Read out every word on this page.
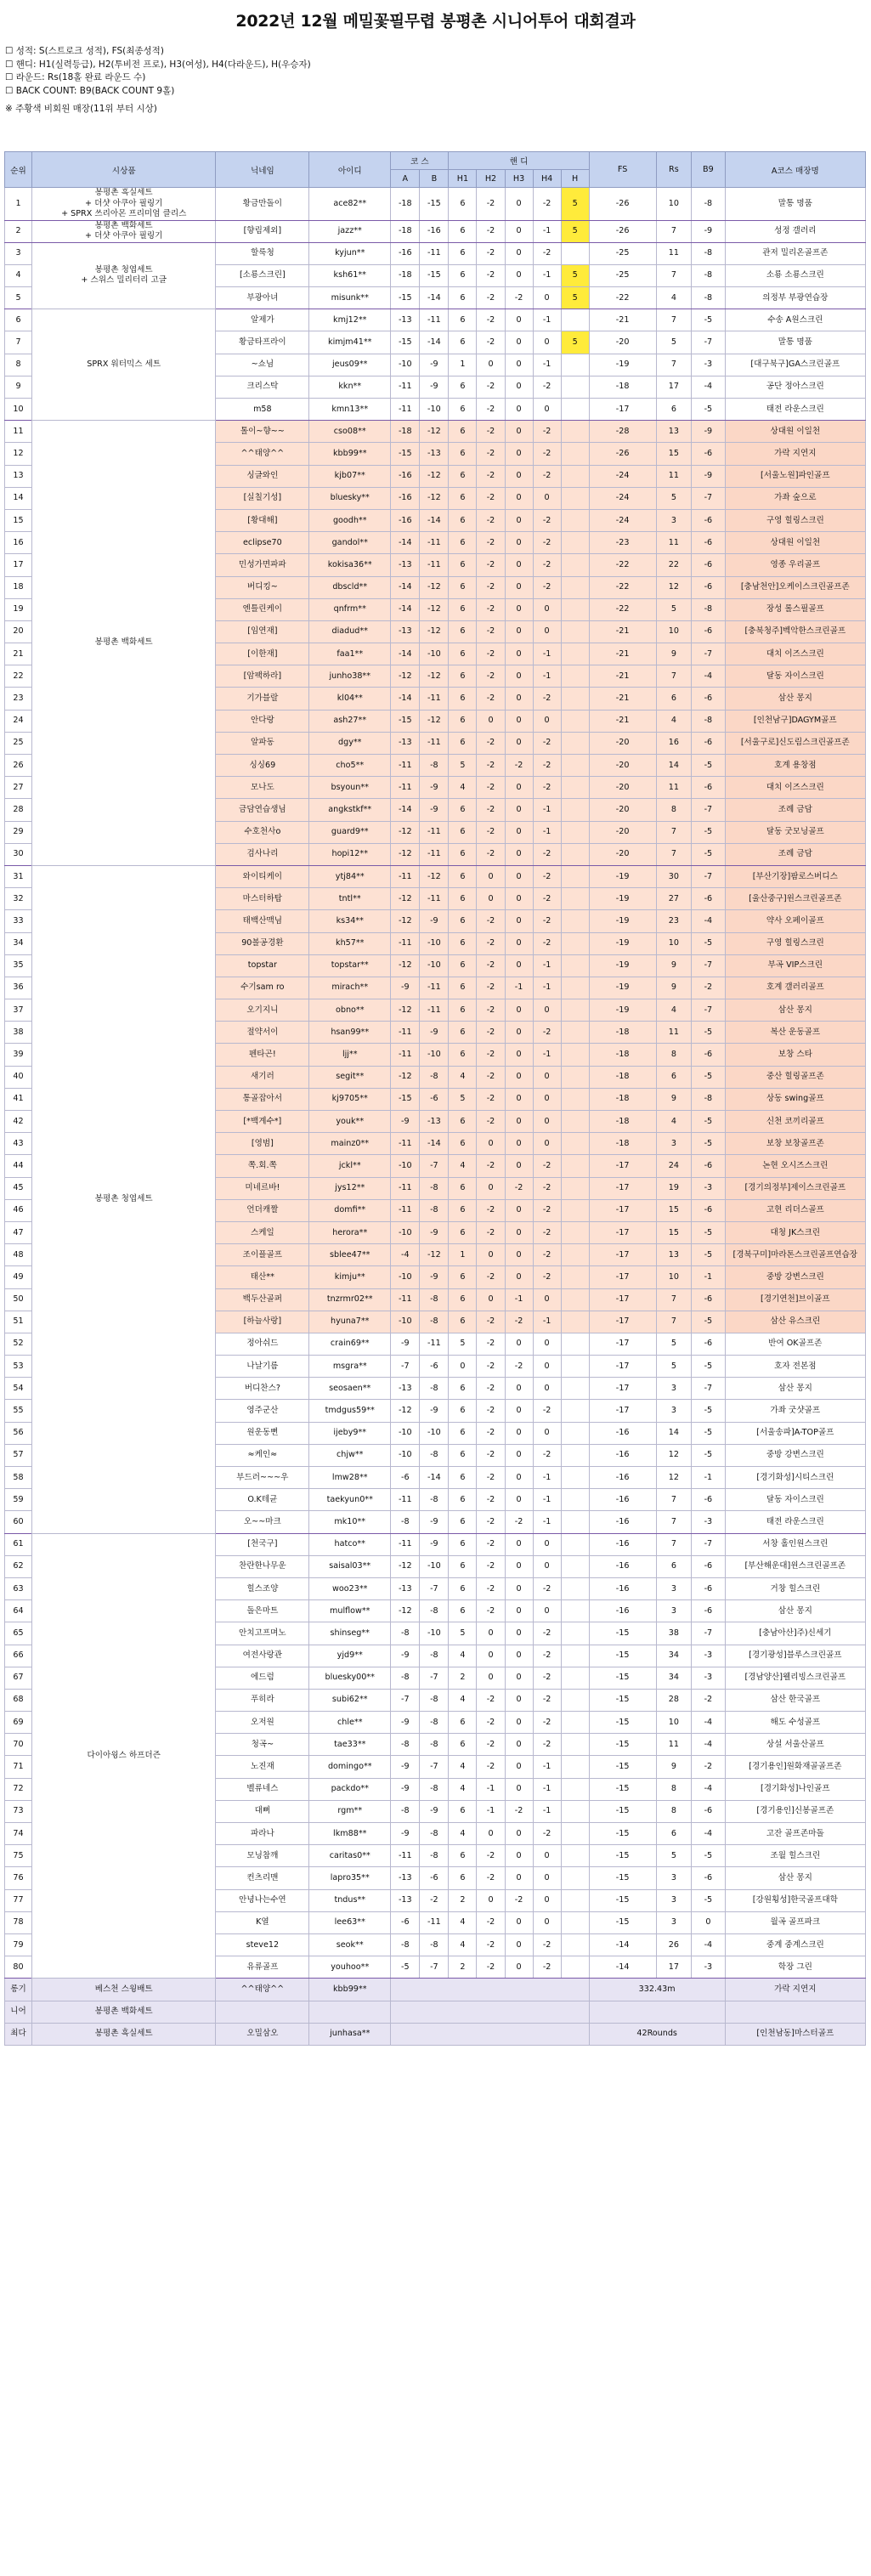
2022년 12월 메밀꽃필무렵 봉평촌 시니어투어 대회결과
☐ 성적: S(스트로크 성적), FS(최종성적)
☐ 핸디: H1(실력등급), H2(투비전 프로), H3(여성), H4(다라운드), H(우승자)
☐ 라운드: Rs(18홀 완료 라운드 수)
☐ BACK COUNT: B9(BACK COUNT 9홀)
※ 주황색 비회원 매장(11위 부터 시상)
순위	시상품	닉네임	아이디	코 스		핸 디					FS	Rs	B9	A코스 매장명
				A	B	H1	H2	H3	H4	H				
1	봉평촌 흑실세트
+ 더샷 아쿠아 필링기
+ SPRX 쓰리아몬 프리미엄 클리스	황금만돌이	ace82**	-18	-15	6	-2	0	-2	5	-26	10	-8	말통 명품
2	봉평촌 백화세트
+ 더샷 아쿠아 필링기	[향림제외]	jazz**	-18	-16	6	-2	0	-1	5	-26	7	-9	성정 갤러리
3	봉평촌 청엽세트
+ 스위스 밀리터리 고글	할룩청	kyjun**	-16	-11	6	-2	0	-2		-25	11	-8	관저 밀리온골프존
4		[소룡스크린]	ksh61**	-18	-15	6	-2	0	-1	5	-25	7	-8	소룡 소룡스크린
5		부광아녀	misunk**	-15	-14	6	-2	-2	0	5	-22	4	-8	의정부 부광연습장
6	SPRX 워터믹스 세트	알제가	kmj12**	-13	-11	6	-2	0	-1		-21	7	-5	수송 A원스크린
7		황금타프라이	kimjm41**	-15	-14	6	-2	0	0	5	-20	5	-7	말통 명품
8		~쇼님	jeus09**	-10	-9	1	0	0	-1		-19	7	-3	[대구북구]GA스크린골프
9		크리스탁	kkn**	-11	-9	6	-2	0	-2		-18	17	-4	공단 정아스크린
10		m58	kmn13**	-11	-10	6	-2	0	0		-17	6	-5	태전 라운스크린
11	봉평촌 백화세트	톨이~향~~	cso08**	-18	-12	6	-2	0	-2		-28	13	-9	상대원 이일천
12		^^태양^^	kbb99**	-15	-13	6	-2	0	-2		-26	15	-6	가락 지연지
13		싱글와인	kjb07**	-16	-12	6	-2	0	-2		-24	11	-9	[서울노원]파인골프
14		[실칠기성]	bluesky**	-16	-12	6	-2	0	0		-24	5	-7	가좌 숲으로
15		[황대해]	goodh**	-16	-14	6	-2	0	-2		-24	3	-6	구영 힐링스크린
16		eclipse70	gandol**	-14	-11	6	-2	0	-2		-23	11	-6	상대원 이일천
17		민성가면파파	kokisa36**	-13	-11	6	-2	0	-2		-22	22	-6	영종 우리골프
18		버디킹~	dbscld**	-14	-12	6	-2	0	-2		-22	12	-6	[충남천안]오케이스크린골프존
19		엔틀린케이	qnfrm**	-14	-12	6	-2	0	0		-22	5	-8	장성 롤스필골프
20		[임연재]	diadud**	-13	-12	6	-2	0	0		-21	10	-6	[충북청주]벡악한스크린골프
21		[이한재]	faa1**	-14	-10	6	-2	0	-1		-21	9	-7	대치 이즈스크린
22		[암팩하라]	junho38**	-12	-12	6	-2	0	-1		-21	7	-4	달동 자이스크린
23		기가블랄	kl04**	-14	-11	6	-2	0	-2		-21	6	-6	삼산 몽지
24		안다랑	ash27**	-15	-12	6	0	0	0		-21	4	-8	[인천남구]DAGYM골프
25		알파동	dgy**	-13	-11	6	-2	0	-2		-20	16	-6	[서울구로]신도림스크린골프존
26		싱싱69	cho5**	-11	-8	5	-2	-2	-2		-20	14	-5	호계 용창점
27		모나도	bsyoun**	-11	-9	4	-2	0	-2		-20	11	-6	대치 이즈스크린
28		금담연습생님	angkstkf**	-14	-9	6	-2	0	-1		-20	8	-7	조례 금담
29		수호천사o	guard9**	-12	-11	6	-2	0	-1		-20	7	-5	달동 굿모닝골프
30		검사나리	hopi12**	-12	-11	6	-2	0	-2		-20	7	-5	조례 금담
31	봉평촌 청엽세트	와이티케이	ytj84**	-11	-12	6	0	0	-2		-19	30	-7	[부산기장]팜로스버디스
32		마스터하탐	tntl**	-12	-11	6	0	0	-2		-19	27	-6	[울산중구]윈스크린골프존
33		태백산맥님	ks34**	-12	-9	6	-2	0	-2		-19	23	-4	약사 오페이골프
34		90볼공경환	kh57**	-11	-10	6	-2	0	-2		-19	10	-5	구영 힐링스크린
35		topstar	topstar**	-12	-10	6	-2	0	-1		-19	9	-7	부곡 VIP스크린
36		수기sam ro	mirach**	-9	-11	6	-2	-1	-1		-19	9	-2	호계 갤러리골프
37		오기지니	obno**	-12	-11	6	-2	0	0		-19	4	-7	삼산 몽지
38		절약서이	hsan99**	-11	-9	6	-2	0	-2		-18	11	-5	복산 운동골프
39		펜타곤!	ljj**	-11	-10	6	-2	0	-1		-18	8	-6	보창 스타
40		새기러	segit**	-12	-8	4	-2	0	0		-18	6	-5	중산 힐링골프존
41		통골잡아서	kj9705**	-15	-6	5	-2	0	0		-18	9	-8	상동 swing골프
42		[*백계수*]	youk**	-9	-13	6	-2	0	0		-18	4	-5	신천 코끼리골프
43		[영범]	mainz0**	-11	-14	6	0	0	0		-18	3	-5	보창 보창골프존
44		쪽.회.쪽	jckl**	-10	-7	4	-2	0	-2		-17	24	-6	논현 오시즈스크린
45		미네르바!	jys12**	-11	-8	6	0	-2	-2		-17	19	-3	[경기의정부]제이스크린골프
46		언더캐짤	domfi**	-11	-8	6	-2	0	-2		-17	15	-6	고현 리더스골프
47		스케일	herora**	-10	-9	6	-2	0	-2		-17	15	-5	대청 JK스크린
48		조이플골프	sblee47**	-4	-12	1	0	0	-2		-17	13	-5	[경북구미]마라톤스크린골프연습장
49		태산**	kimju**	-10	-9	6	-2	0	-2		-17	10	-1	중방 강변스크린
50		백두산골퍼	tnzrmr02**	-11	-8	6	0	-1	0		-17	7	-6	[경기연천]브이골프
51		[하늘사랑]	hyuna7**	-10	-8	6	-2	-2	-1		-17	7	-5	삼산 유스크린
52		정아쉬드	crain69**	-9	-11	5	-2	0	0		-17	5	-6	반여 OK골프존
53		나날기름	msgra**	-7	-6	0	-2	-2	0		-17	5	-5	호자 전본점
54		버디찬스?	seosaen**	-13	-8	6	-2	0	0		-17	3	-7	삼산 몽지
55		영주군산	tmdgus59**	-12	-9	6	-2	0	-2		-17	3	-5	가좌 굿샷골프
56		원운동뻔	ijeby9**	-10	-10	6	-2	0	0		-16	14	-5	[서울송파]A-TOP골프
57		≈케인≈	chjw**	-10	-8	6	-2	0	-2		-16	12	-5	중방 강변스크린
58		부드러~~~우	lmw28**	-6	-14	6	-2	0	-1		-16	12	-1	[경기화성]시티스크린
59		O.K테균	taekyun0**	-11	-8	6	-2	0	-1		-16	7	-6	달동 자이스크린
60		오~~마크	mk10**	-8	-9	6	-2	-2	-1		-16	7	-3	태전 라운스크린
61	다이아윙스 하프더즌	[천국구]	hatco**	-11	-9	6	-2	0	0		-16	7	-7	서창 홀인원스크린
62		찬란한나무운	saisal03**	-12	-10	6	-2	0	0		-16	6	-6	[부산해운대]윈스크린골프존
63		힐스조양	woo23**	-13	-7	6	-2	0	-2		-16	3	-6	거창 힐스크린
64		돌은마트	mulflow**	-12	-8	6	-2	0	0		-16	3	-6	삼산 몽지
65		안치고프며노	shinseg**	-8	-10	5	0	0	-2		-15	38	-7	[충남아산]주)신세기
66		여전사랑관	yjd9**	-9	-8	4	0	0	-2		-15	34	-3	[경기광성]블루스크린골프
67		에드럼	bluesky00**	-8	-7	2	0	0	-2		-15	34	-3	[경남양산]웰리빙스크린골프
68		푸히라	subi62**	-7	-8	4	-2	0	-2		-15	28	-2	삼산 한국골프
69		오저원	chle**	-9	-8	6	-2	0	-2		-15	10	-4	해도 수성골프
70		청곡~	tae33**	-8	-8	6	-2	0	-2		-15	11	-4	상설 서울산골프
71		노진재	domingo**	-9	-7	4	-2	0	-1		-15	9	-2	[경기용인]원화재골골프존
72		벨류네스	packdo**	-9	-8	4	-1	0	-1		-15	8	-4	[경기화성]나인골프
73		대뻐	rgm**	-8	-9	6	-1	-2	-1		-15	8	-6	[경기용인]신봉골프존
74		파라나	lkm88**	-9	-8	4	0	0	-2		-15	6	-4	고잔 골프존마돌
75		모닝참깨	caritas0**	-11	-8	6	-2	0	0		-15	5	-5	조월 힐스크린
76		컨츠리맨	lapro35**	-13	-6	6	-2	0	0		-15	3	-6	삼산 몽지
77		안녕나는수연	tndus**	-13	-2	2	0	-2	0		-15	3	-5	[강원횡성]한국골프대학
78		K열	lee63**	-6	-11	4	-2	0	0		-15	3	0	월곡 골프파크
79		steve12	seok**	-8	-8	4	-2	0	-2		-14	26	-4	중계 중계스크린
80		유류골프	youhoo**	-5	-7	2	-2	0	-2		-14	17	-3	학장 그린
롱기	베스천 스윙배트	^^태양^^	kbb99**								332.43m			가락 지연지
니어	봉평촌 백화세트													
최다	봉평촌 흑실세트	오밀삼오	junhasa**								42Rounds			[인천남동]마스터골프
